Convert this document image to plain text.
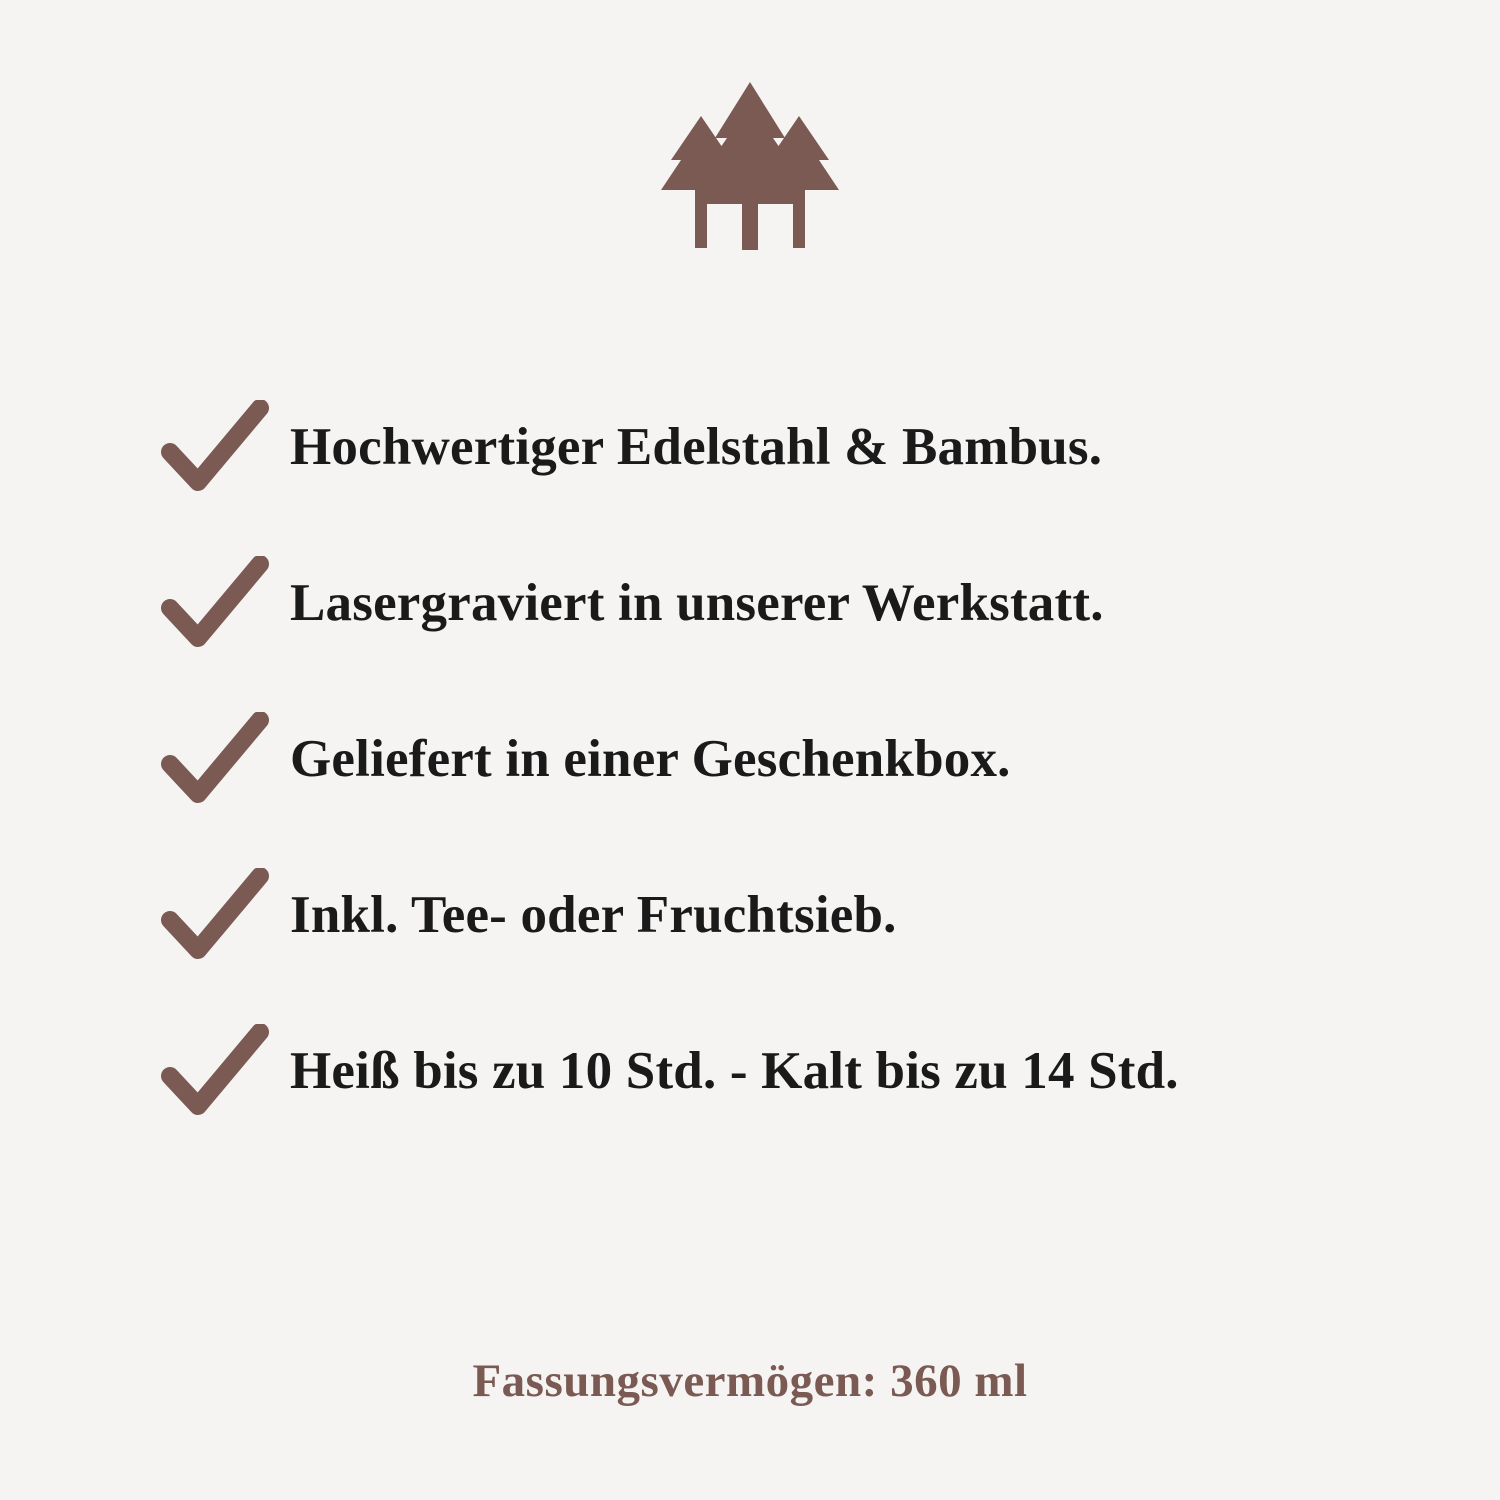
Hochwertiger Edelstahl & Bambus.
Lasergraviert in unserer Werkstatt.
Geliefert in einer Geschenkbox.
Inkl. Tee- oder Fruchtsieb.
Heiß bis zu 10 Std. - Kalt bis zu 14 Std.
Fassungsvermögen: 360 ml
